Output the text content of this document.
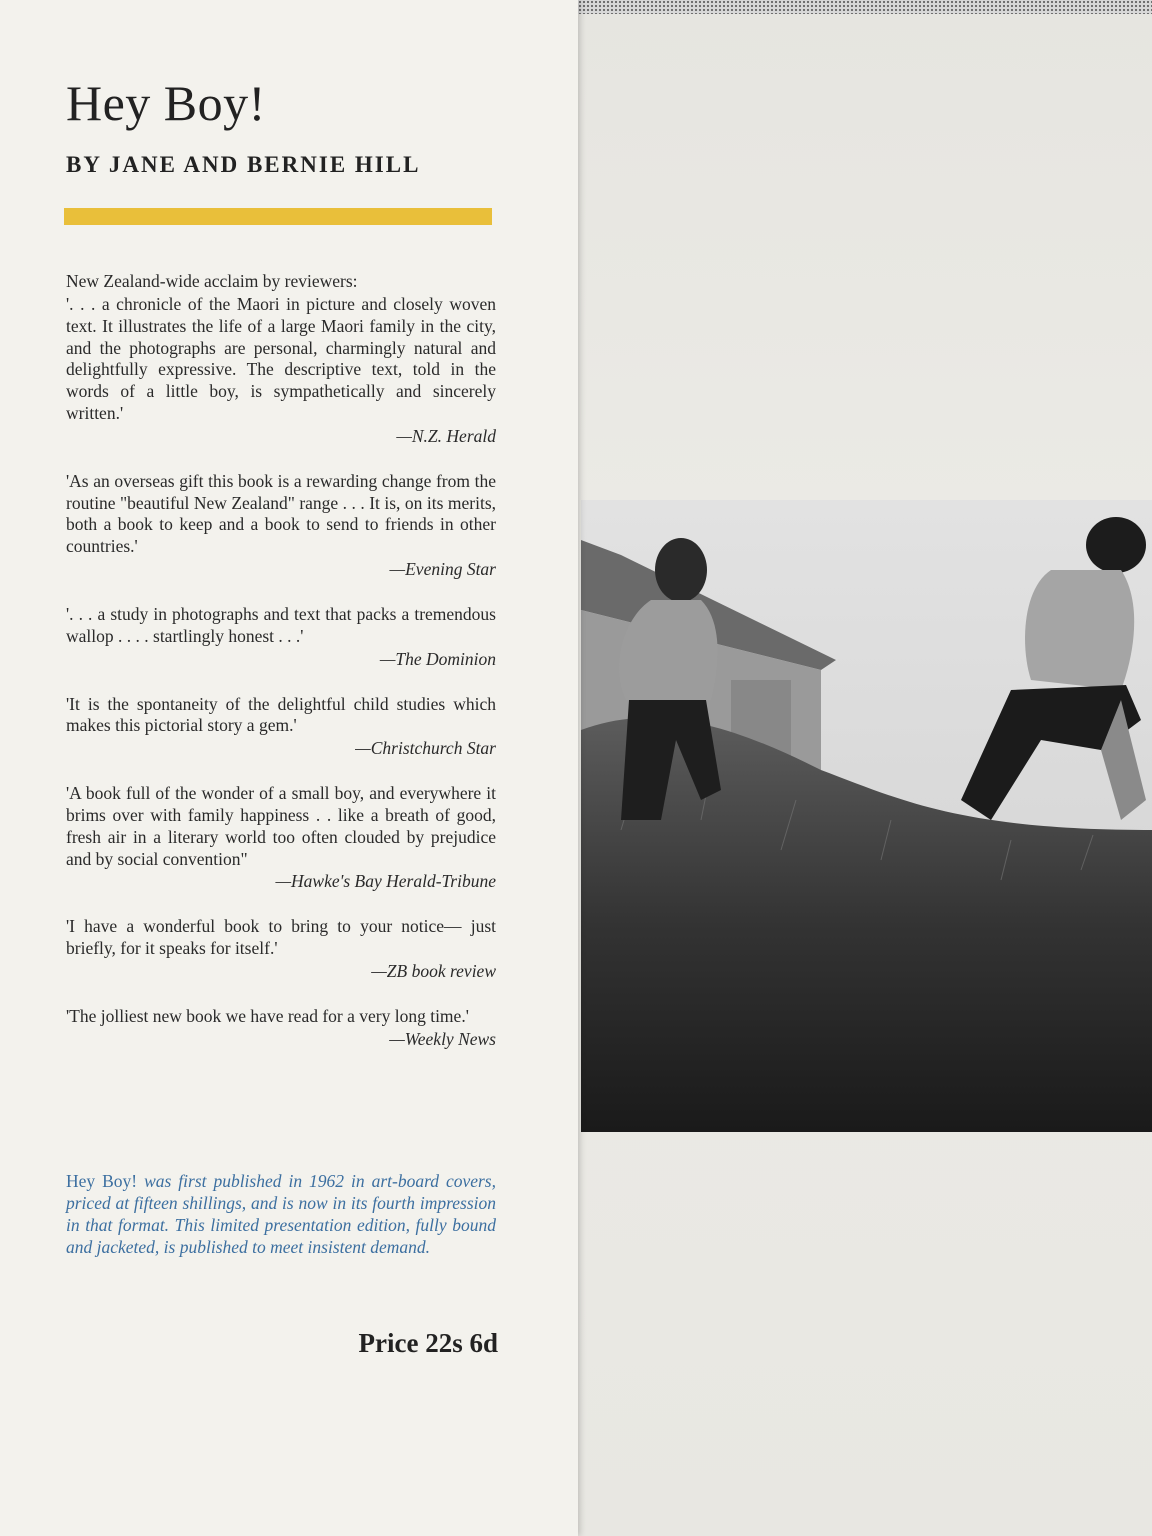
Hey Boy!
BY JANE AND BERNIE HILL

New Zealand-wide acclaim by reviewers:

'. . . a chronicle of the Maori in picture and closely woven text. It illustrates the life of a large Maori family in the city, and the photographs are personal, charmingly natural and delightfully expressive. The descriptive text, told in the words of a little boy, is sympathetically and sincerely written.'

—N.Z. Herald

'As an overseas gift this book is a rewarding change from the routine "beautiful New Zealand" range . . . It is, on its merits, both a book to keep and a book to send to friends in other countries.'

—Evening Star

'. . . a study in photographs and text that packs a tremendous wallop . . . . startlingly honest . . .'

—The Dominion

'It is the spontaneity of the delightful child studies which makes this pictorial story a gem.'

—Christchurch Star

'A book full of the wonder of a small boy, and everywhere it brims over with family happiness . . like a breath of good, fresh air in a literary world too often clouded by prejudice and by social convention"

—Hawke's Bay Herald-Tribune

'I have a wonderful book to bring to your notice— just briefly, for it speaks for itself.'

—ZB book review

'The jolliest new book we have read for a very long time.'

—Weekly News

Hey Boy! was first published in 1962 in art-board covers, priced at fifteen shillings, and is now in its fourth impression in that format. This limited presentation edition, fully bound and jacketed, is published to meet insistent demand.

Price 22s 6d
